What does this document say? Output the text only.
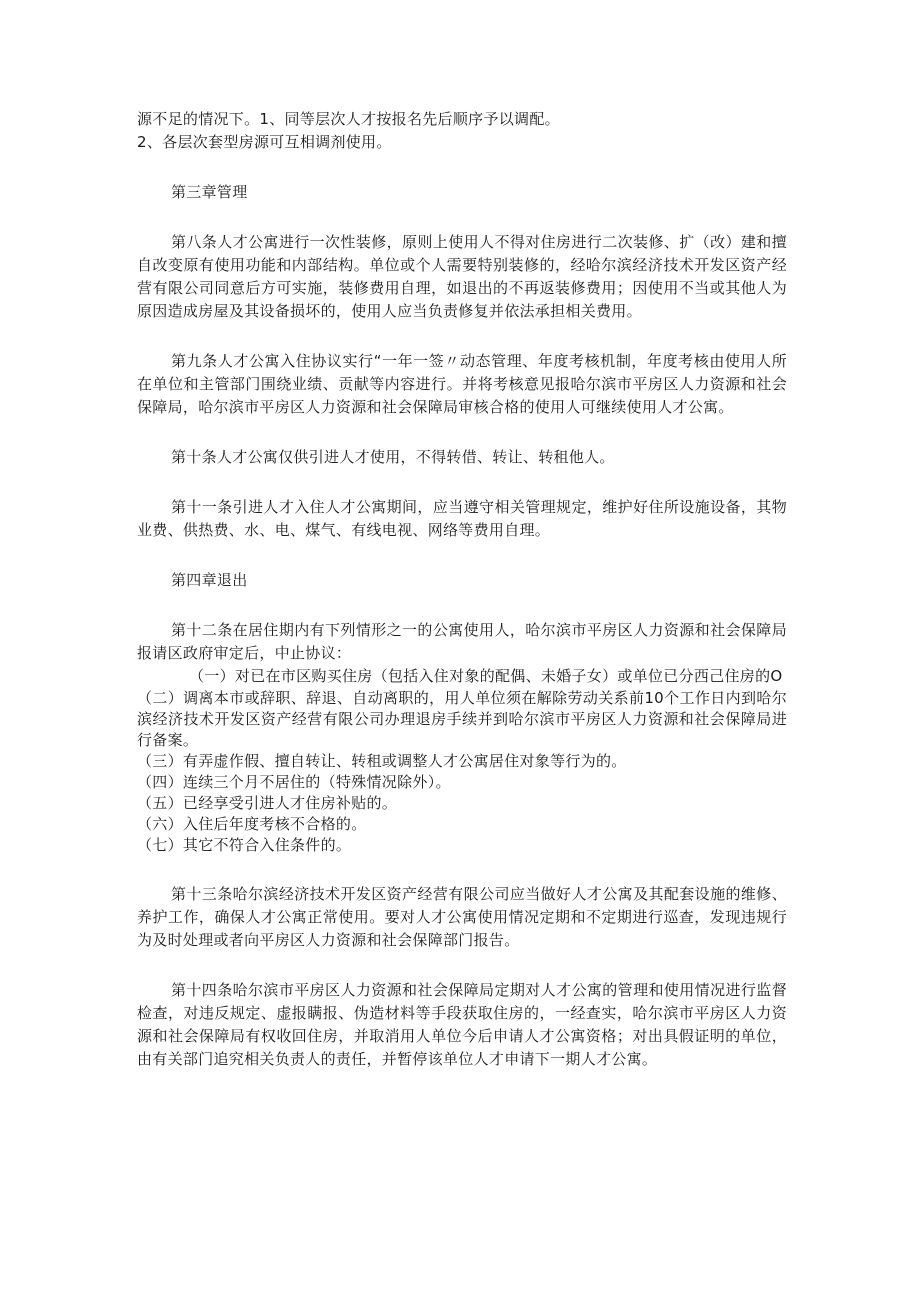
源不足的情况下。1、同等层次人才按报名先后顺序予以调配。

2、各层次套型房源可互相调剂使用。

第三章管理

第八条人才公寓进行一次性装修，原则上使用人不得对住房进行二次装修、扩（改）建和擅自改变原有使用功能和内部结构。单位或个人需要特别装修的，经哈尔滨经济技术开发区资产经营有限公司同意后方可实施，装修费用自理，如退出的不再返装修费用；因使用不当或其他人为原因造成房屋及其设备损坏的，使用人应当负责修复并依法承担相关费用。

第九条人才公寓入住协议实行“一年一签〃动态管理、年度考核机制，年度考核由使用人所在单位和主管部门围绕业绩、贡献等内容进行。并将考核意见报哈尔滨市平房区人力资源和社会保障局，哈尔滨市平房区人力资源和社会保障局审核合格的使用人可继续使用人才公寓。

第十条人才公寓仅供引进人才使用，不得转借、转让、转租他人。

第十一条引进人才入住人才公寓期间，应当遵守相关管理规定，维护好住所设施设备，其物业费、供热费、水、电、煤气、有线电视、网络等费用自理。

第四章退出

第十二条在居住期内有下列情形之一的公寓使用人，哈尔滨市平房区人力资源和社会保障局报请区政府审定后，中止协议：

（一）对已在市区购买住房（包括入住对象的配偶、未婚子女）或单位已分西己住房的O

（二）调离本市或辞职、辞退、自动离职的，用人单位须在解除劳动关系前10个工作日内到哈尔滨经济技术开发区资产经营有限公司办理退房手续并到哈尔滨市平房区人力资源和社会保障局进行备案。

（三）有弄虚作假、擅自转让、转租或调整人才公寓居住对象等行为的。

（四）连续三个月不居住的（特殊情况除外）。

（五）已经享受引进人才住房补贴的。

（六）入住后年度考核不合格的。

（七）其它不符合入住条件的。

第十三条哈尔滨经济技术开发区资产经营有限公司应当做好人才公寓及其配套设施的维修、养护工作，确保人才公寓正常使用。要对人才公寓使用情况定期和不定期进行巡查，发现违规行为及时处理或者向平房区人力资源和社会保障部门报告。

第十四条哈尔滨市平房区人力资源和社会保障局定期对人才公寓的管理和使用情况进行监督检查，对违反规定、虚报瞒报、伪造材料等手段获取住房的，一经查实，哈尔滨市平房区人力资源和社会保障局有权收回住房，并取消用人单位今后申请人才公寓资格；对出具假证明的单位，由有关部门追究相关负责人的责任，并暂停该单位人才申请下一期人才公寓。
